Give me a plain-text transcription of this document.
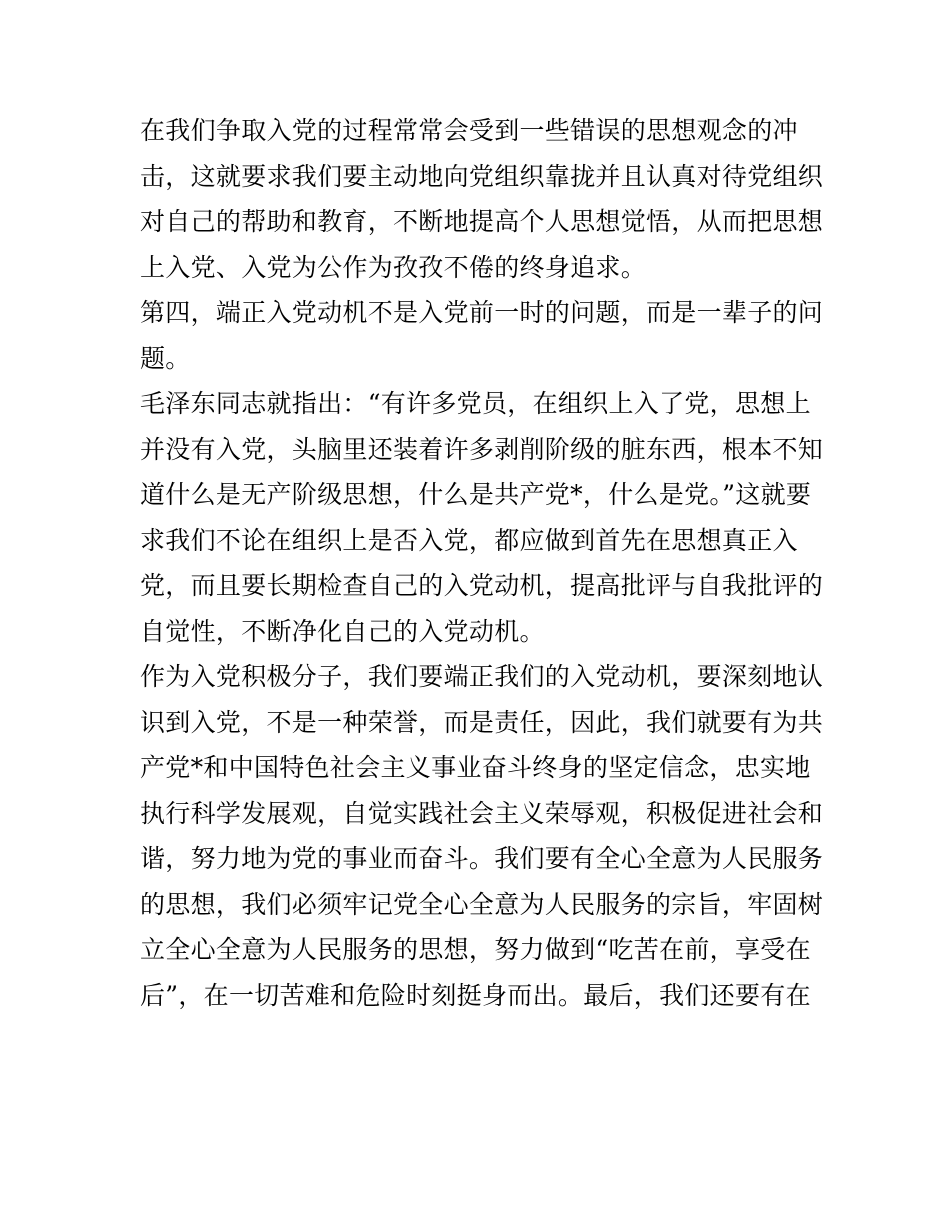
在我们争取入党的过程常常会受到一些错误的思想观念的冲
击，这就要求我们要主动地向党组织靠拢并且认真对待党组织
对自己的帮助和教育，不断地提高个人思想觉悟，从而把思想
上入党、入党为公作为孜孜不倦的终身追求。
第四，端正入党动机不是入党前一时的问题，而是一辈子的问
题。
毛泽东同志就指出：“有许多党员，在组织上入了党，思想上
并没有入党，头脑里还装着许多剥削阶级的脏东西，根本不知
道什么是无产阶级思想，什么是共产党*，什么是党。”这就要
求我们不论在组织上是否入党，都应做到首先在思想真正入
党，而且要长期检查自己的入党动机，提高批评与自我批评的
自觉性，不断净化自己的入党动机。
作为入党积极分子，我们要端正我们的入党动机，要深刻地认
识到入党，不是一种荣誉，而是责任，因此，我们就要有为共
产党*和中国特色社会主义事业奋斗终身的坚定信念，忠实地
执行科学发展观，自觉实践社会主义荣辱观，积极促进社会和
谐，努力地为党的事业而奋斗。我们要有全心全意为人民服务
的思想，我们必须牢记党全心全意为人民服务的宗旨，牢固树
立全心全意为人民服务的思想，努力做到“吃苦在前，享受在
后”，在一切苦难和危险时刻挺身而出。最后，我们还要有在
